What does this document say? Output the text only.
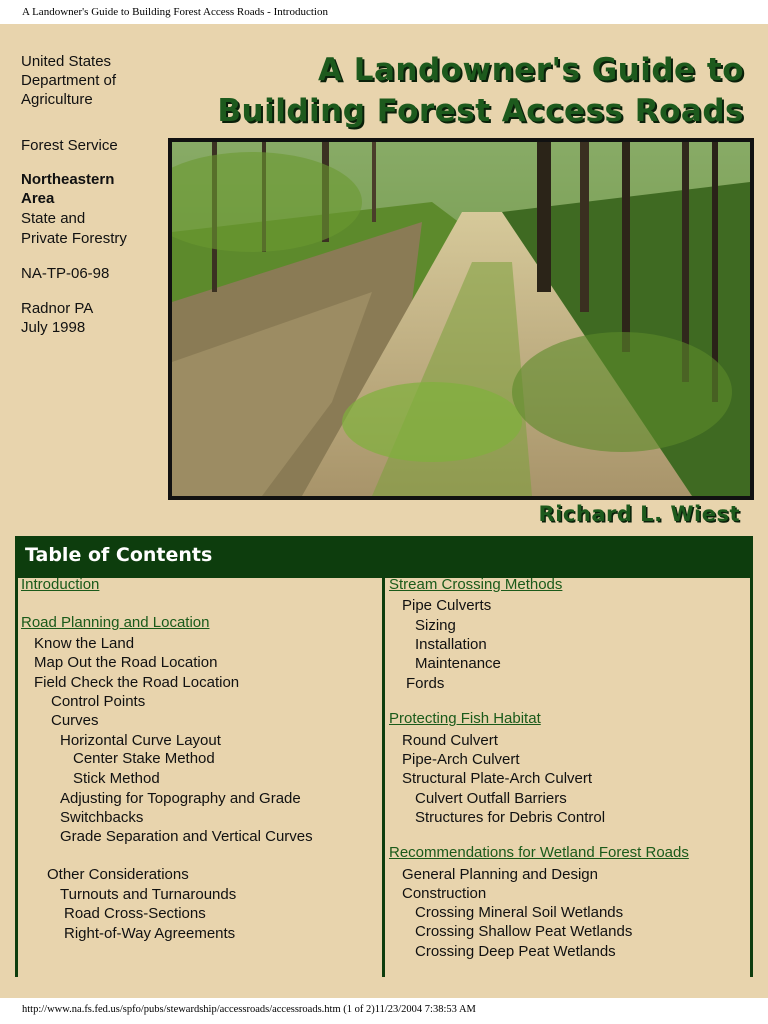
A Landowner's Guide to Building Forest Access Roads - Introduction
United States
Department of
Agriculture
Forest Service
Northeastern
Area
State and
Private Forestry
NA-TP-06-98
Radnor PA
July 1998
A Landowner's Guide to
Building Forest Access Roads
Richard L. Wiest
Table of Contents
Introduction
Road Planning and Location
Know the Land
Map Out the Road Location
Field Check the Road Location
Control Points
Curves
Horizontal Curve Layout
Center Stake Method
Stick Method
Adjusting for Topography and Grade
Switchbacks
Grade Separation and Vertical Curves
Other Considerations
Turnouts and Turnarounds
Road Cross-Sections
Right-of-Way Agreements
Stream Crossing Methods
Pipe Culverts
Sizing
Installation
Maintenance
Fords
Protecting Fish Habitat
Round Culvert
Pipe-Arch Culvert
Structural Plate-Arch Culvert
Culvert Outfall Barriers
Structures for Debris Control
Recommendations for Wetland Forest Roads
General Planning and Design
Construction
Crossing Mineral Soil Wetlands
Crossing Shallow Peat Wetlands
Crossing Deep Peat Wetlands
http://www.na.fs.fed.us/spfo/pubs/stewardship/accessroads/accessroads.htm (1 of 2)11/23/2004 7:38:53 AM
